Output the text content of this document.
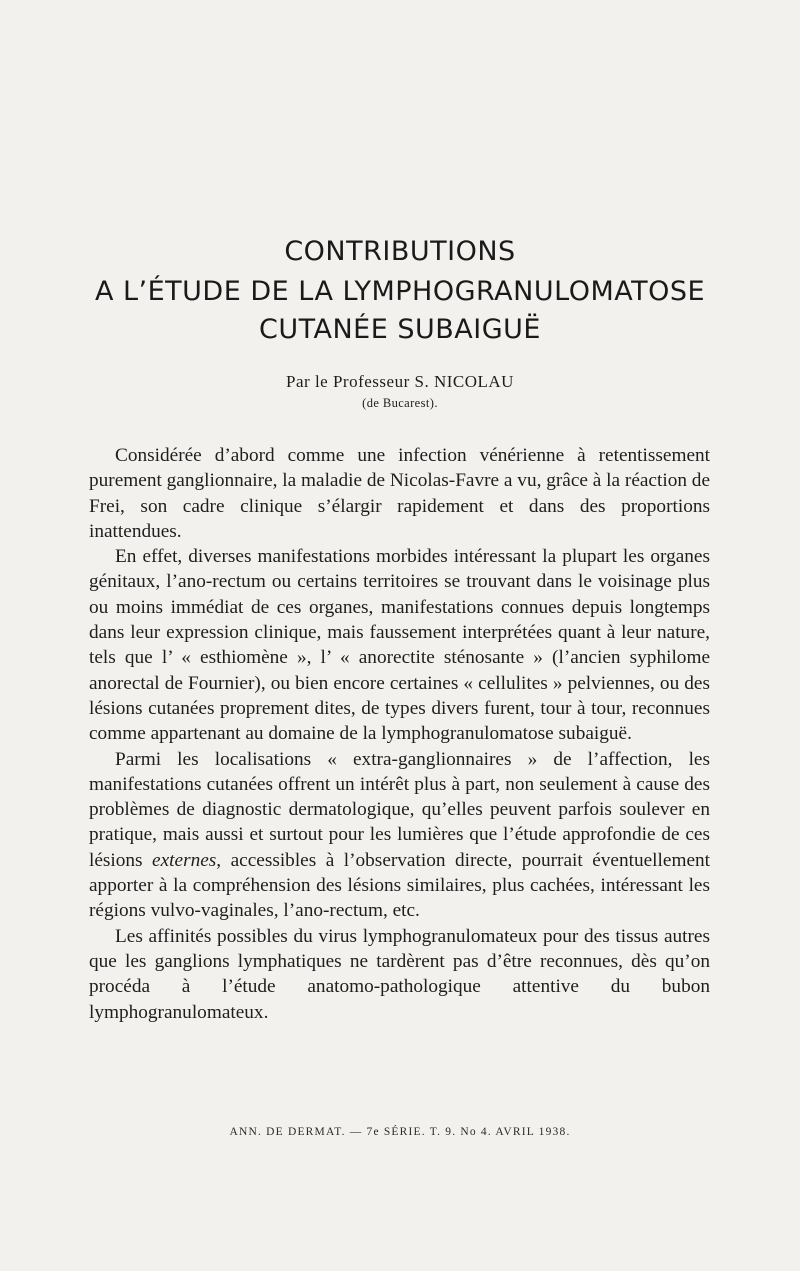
CONTRIBUTIONS
A L’ÉTUDE DE LA LYMPHOGRANULOMATOSE
CUTANÉE SUBAIGUË
Par le Professeur S. NICOLAU
(de Bucarest).

Considérée d’abord comme une infection vénérienne à retentissement purement ganglionnaire, la maladie de Nicolas-Favre a vu, grâce à la réaction de Frei, son cadre clinique s’élargir rapidement et dans des proportions inattendues.

En effet, diverses manifestations morbides intéressant la plupart les organes génitaux, l’ano-rectum ou certains territoires se trouvant dans le voisinage plus ou moins immédiat de ces organes, manifestations connues depuis longtemps dans leur expression clinique, mais faussement interprétées quant à leur nature, tels que l’ « esthiomène », l’ « anorectite sténosante » (l’ancien syphilome anorectal de Fournier), ou bien encore certaines « cellulites » pelviennes, ou des lésions cutanées proprement dites, de types divers furent, tour à tour, reconnues comme appartenant au domaine de la lymphogranulomatose subaiguë.

Parmi les localisations « extra-ganglionnaires » de l’affection, les manifestations cutanées offrent un intérêt plus à part, non seulement à cause des problèmes de diagnostic dermatologique, qu’elles peuvent parfois soulever en pratique, mais aussi et surtout pour les lumières que l’étude approfondie de ces lésions externes, accessibles à l’observation directe, pourrait éventuellement apporter à la compréhension des lésions similaires, plus cachées, intéressant les régions vulvo-vaginales, l’ano-rectum, etc.

Les affinités possibles du virus lymphogranulomateux pour des tissus autres que les ganglions lymphatiques ne tardèrent pas d’être reconnues, dès qu’on procéda à l’étude anatomo-pathologique attentive du bubon lymphogranulomateux.

ANN. DE DERMAT. — 7e SÉRIE. T. 9. No 4. AVRIL 1938.
